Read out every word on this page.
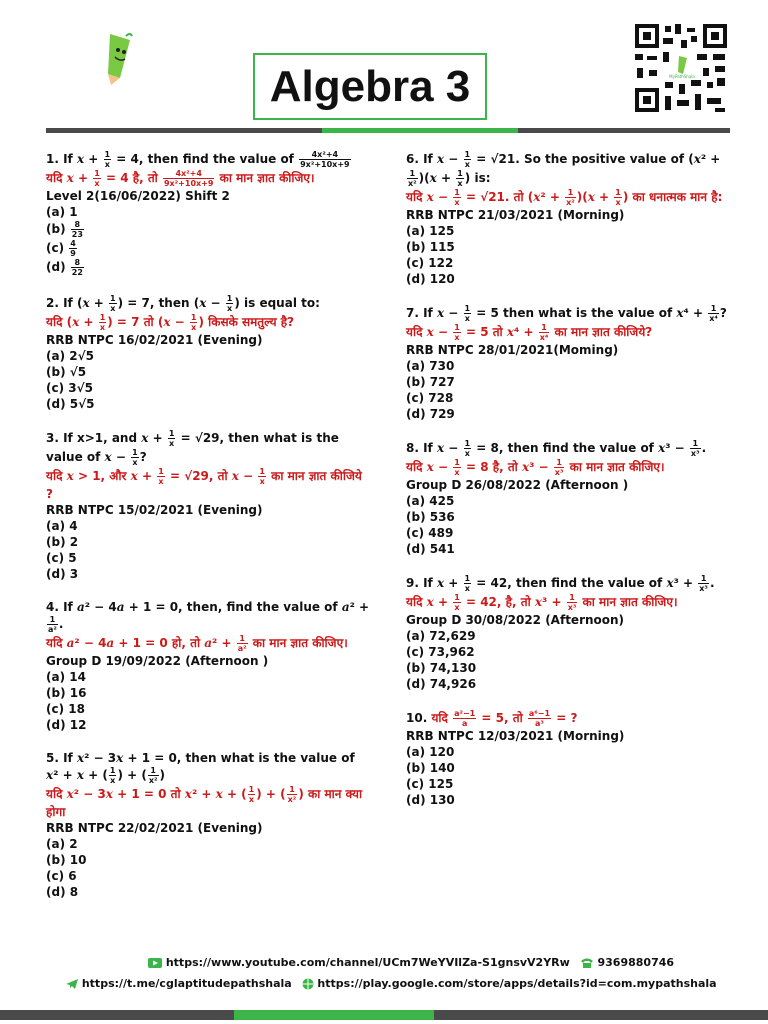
Algebra 3	MyPathShala
1. If $x + \frac{1}{x} = 4$, then find the value of $\frac{\text{4x²+4}}{\text{9x²+10x+9}}$
यदि $x + \frac{1}{x} = 4$ है, तो $\frac{\text{4x²+4}}{\text{9x²+10x+9}}$ का मान ज्ञात कीजिए।
Level 2(16/06/2022) Shift 2
(a) 1
$(b) \frac{8}{23}$
$(c) \frac{4}{9}$
$(d) \frac{8}{22}$
2. If ($x + \frac{1}{x}$ ) = 7, then ($x - \frac{1}{x}$ ) is equal to:
यदि ($x + \frac{1}{x}$ ) = 7 तो ($x - \frac{1}{x}$ ) किसके समतुल्य है?
RRB NTPC 16/02/2021 (Evening)
(a) 2√5
(b) √5
(c) 3√5
(d) 5√5
3. If x>1, and $x + \frac{1}{x} = √29$, then what is the value of $x - \frac{1}{x}$ ?
यदि x > 1, और $x + \frac{1}{x} = √29$, तो $x - \frac{1}{x}$ का मान ज्ञात कीजिये ?
RRB NTPC 15/02/2021 (Evening)
(a) 4
(b) 2
(c) 5
(d) 3
4. If a² − 4a + 1 = 0, then, find the value of a² +
$\frac{1}{\text{a²}}$ .
यदि a² − 4a + 1 = 0 हो, तो $a^2 + \frac{1}{\text{a²}}$ का मान ज्ञात कीजिए।
Group D 19/09/2022 (Afternoon )
(a) 14
(b) 16
(c) 18
(d) 12
5. If x² − 3x + 1 = 0, then what is the value of x² + x + ( $\frac{1}{x}$ ) + ( $\frac{1}{\text{x²}}$ )
यदि x² − 3x + 1 = 0 तो x² + x + ( $\frac{1}{x}$ ) + ( $\frac{1}{\text{x²}}$ ) का मान क्या होगा
RRB NTPC 22/02/2021 (Evening)
(a) 2
(b) 10
(c) 6
(d) 8
6. If $x - \frac{1}{x} = √21$. So the positive value of (x² +
$\frac{1}{\text{x²}} )(x + \frac{1}{x}$ ) is:
यदि $x - \frac{1}{x} = √21$. तो $(x^2 + \frac{1}{\text{x²}} )(x + \frac{1}{x}$ ) का धनात्मक मान है:
RRB NTPC 21/03/2021 (Morning)
(a) 125
(b) 115
(c) 122
(d) 120
7. If $x - \frac{1}{x} = 5$ then what is the value of $x^4 + \frac{1}{\text{x⁴}}$ ?
यदि $x - \frac{1}{x} = 5$ तो $x^4 + \frac{1}{\text{x⁴}}$ का मान ज्ञात कीजिये?
RRB NTPC 28/01/2021(Moming)
(a) 730
(b) 727
(c) 728
(d) 729
8. If $x - \frac{1}{x} = 8$, then find the value of $x^3 - \frac{1}{\text{x³}}$ .
यदि $x - \frac{1}{x} = 8$ है, तो $x^3 - \frac{1}{\text{x³}}$ का मान ज्ञात कीजिए।
Group D 26/08/2022 (Afternoon )
(a) 425
(b) 536
(c) 489
(d) 541
9. If $x + \frac{1}{x} = 42$, then find the value of $x^3 + \frac{1}{\text{x³}}$ .
यदि $x + \frac{1}{x} = 42$, है, तो $x^3 + \frac{1}{\text{x³}}$ का मान ज्ञात कीजिए।
Group D 30/08/2022 (Afternoon)
(a) 72,629
(c) 73,962
(b) 74,130
(d) 74,926
10. यदि $\frac{\text{a²−1}}{a} = 5$, तो $\frac{\text{a⁶−1}}{\text{a³}}$ = ?
RRB NTPC 12/03/2021 (Morning)
(a) 120
(b) 140
(c) 125
(d) 130
https://www.youtube.com/channel/UCm7WeYVIlZa-S1gnsvV2YRw	9369880746
https://t.me/cglaptitudepathshala https://play.google.com/store/apps/details?id=com.mypathshala
